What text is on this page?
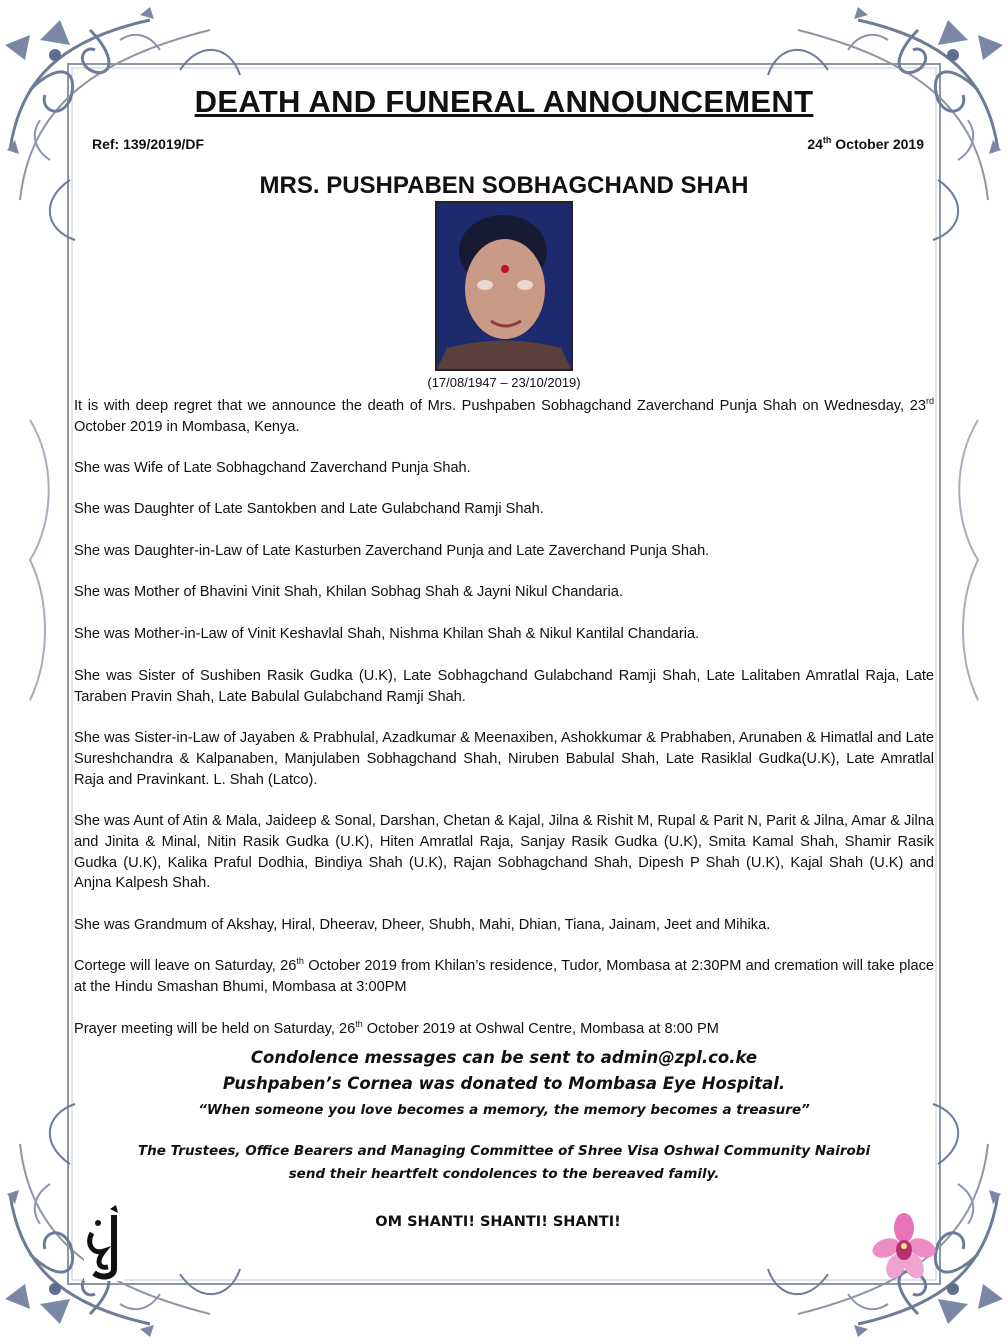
DEATH AND FUNERAL ANNOUNCEMENT
Ref: 139/2019/DF	24th October 2019
MRS. PUSHPABEN SOBHAGCHAND SHAH
(17/08/1947 – 23/10/2019)
It is with deep regret that we announce the death of Mrs. Pushpaben Sobhagchand Zaverchand Punja Shah on Wednesday, 23rd October 2019 in Mombasa, Kenya.
She was Wife of Late Sobhagchand Zaverchand Punja Shah.
She was Daughter of Late Santokben and Late Gulabchand Ramji Shah.
She was Daughter-in-Law of Late Kasturben Zaverchand Punja and Late Zaverchand Punja Shah.
She was Mother of Bhavini Vinit Shah, Khilan Sobhag Shah & Jayni Nikul Chandaria.
She was Mother-in-Law of Vinit Keshavlal Shah, Nishma Khilan Shah & Nikul Kantilal Chandaria.
She was Sister of Sushiben Rasik Gudka (U.K), Late Sobhagchand Gulabchand Ramji Shah, Late Lalitaben Amratlal Raja, Late Taraben Pravin Shah, Late Babulal Gulabchand Ramji Shah.
She was Sister-in-Law of Jayaben & Prabhulal, Azadkumar & Meenaxiben, Ashokkumar & Prabhaben, Arunaben & Himatlal and Late Sureshchandra & Kalpanaben, Manjulaben Sobhagchand Shah, Niruben Babulal Shah, Late Rasiklal Gudka(U.K), Late Amratlal Raja and Pravinkant. L. Shah (Latco).
She was Aunt of Atin & Mala, Jaideep & Sonal, Darshan, Chetan & Kajal, Jilna & Rishit M, Rupal & Parit N, Parit & Jilna, Amar & Jilna and Jinita & Minal, Nitin Rasik Gudka (U.K), Hiten Amratlal Raja, Sanjay Rasik Gudka (U.K), Smita Kamal Shah, Shamir Rasik Gudka (U.K), Kalika Praful Dodhia, Bindiya Shah (U.K), Rajan Sobhagchand Shah, Dipesh P Shah (U.K), Kajal Shah (U.K) and Anjna Kalpesh Shah.
She was Grandmum of Akshay, Hiral, Dheerav, Dheer, Shubh, Mahi, Dhian, Tiana, Jainam, Jeet and Mihika.
Cortege will leave on Saturday, 26th October 2019 from Khilan’s residence, Tudor, Mombasa at 2:30PM and cremation will take place at the Hindu Smashan Bhumi, Mombasa at 3:00PM
Prayer meeting will be held on Saturday, 26th October 2019 at Oshwal Centre, Mombasa at 8:00 PM
Condolence messages can be sent to admin@zpl.co.ke
Pushpaben’s Cornea was donated to Mombasa Eye Hospital.
“When someone you love becomes a memory, the memory becomes a treasure”
The Trustees, Office Bearers and Managing Committee of Shree Visa Oshwal Community Nairobi
send their heartfelt condolences to the bereaved family.
OM SHANTI! SHANTI! SHANTI!
